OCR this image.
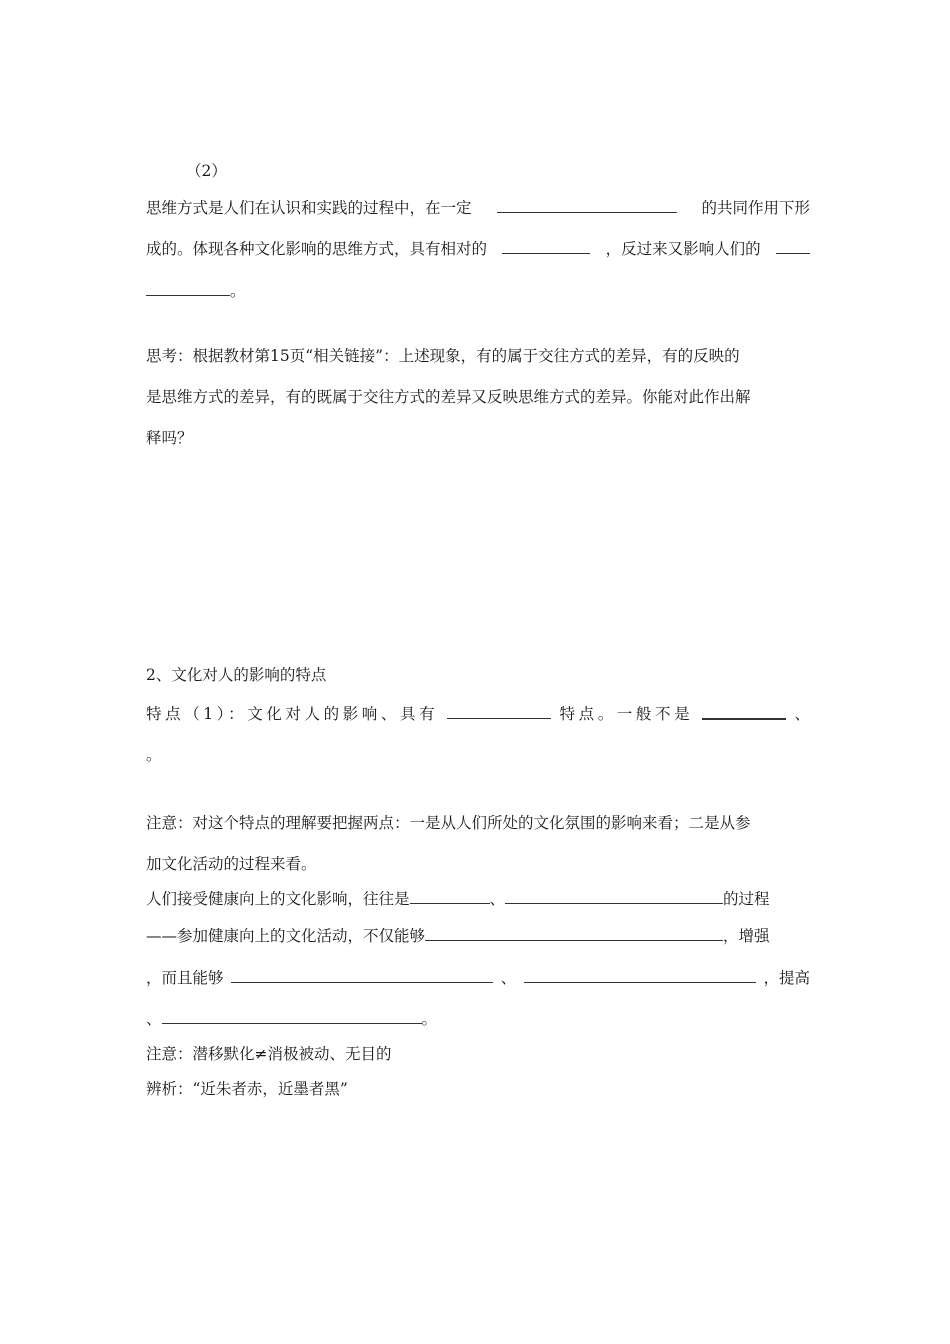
（2）
思维方式是人们在认识和实践的过程中，在一定	的共同作用下形
成的。体现各种文化影响的思维方式，具有相对的	，反过来又影响人们的
。
思考：根据教材第15页“相关链接”：上述现象，有的属于交往方式的差异，有的反映的
是思维方式的差异，有的既属于交往方式的差异又反映思维方式的差异。你能对此作出解
释吗？
2、文化对人的影响的特点
特点（1）：文化对人的影响、具有	特点。一般不是	、
。
注意：对这个特点的理解要把握两点：一是从人们所处的文化氛围的影响来看；二是从参
加文化活动的过程来看。
人们接受健康向上的文化影响，往往是	、	的过程
——参加健康向上的文化活动，不仅能够	，增强
，而且能够	、	，提高
、	。
注意：潜移默化≠消极被动、无目的
辨析：“近朱者赤，近墨者黑”
